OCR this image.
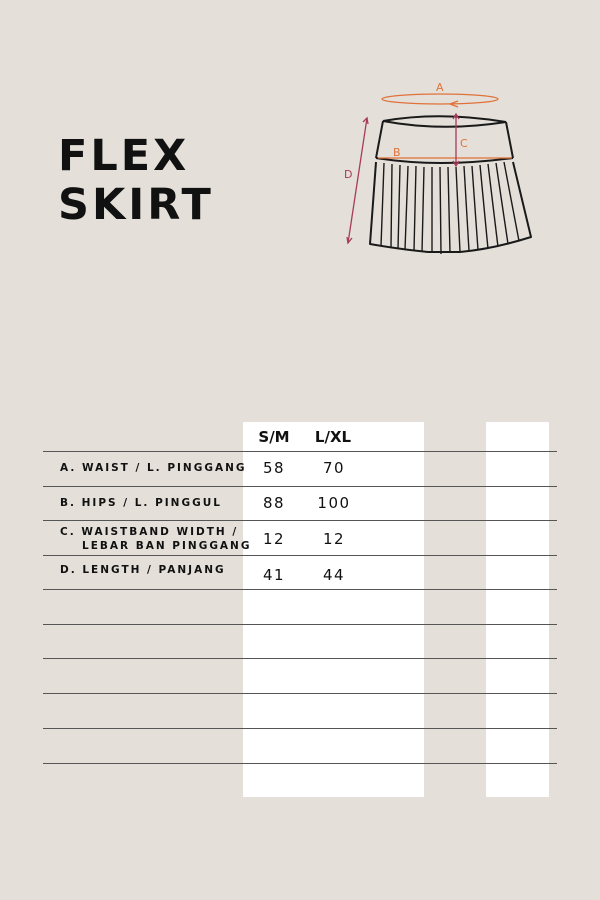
FLEX
SKIRT
A
B
C
D
S/M	L/XL
A. WAIST / L. PINGGANG	58	70
B. HIPS / L. PINGGUL	88	100
C. WAISTBAND WIDTH /
LEBAR BAN PINGGANG 12	12
D. LENGTH / PANJANG	41	44
